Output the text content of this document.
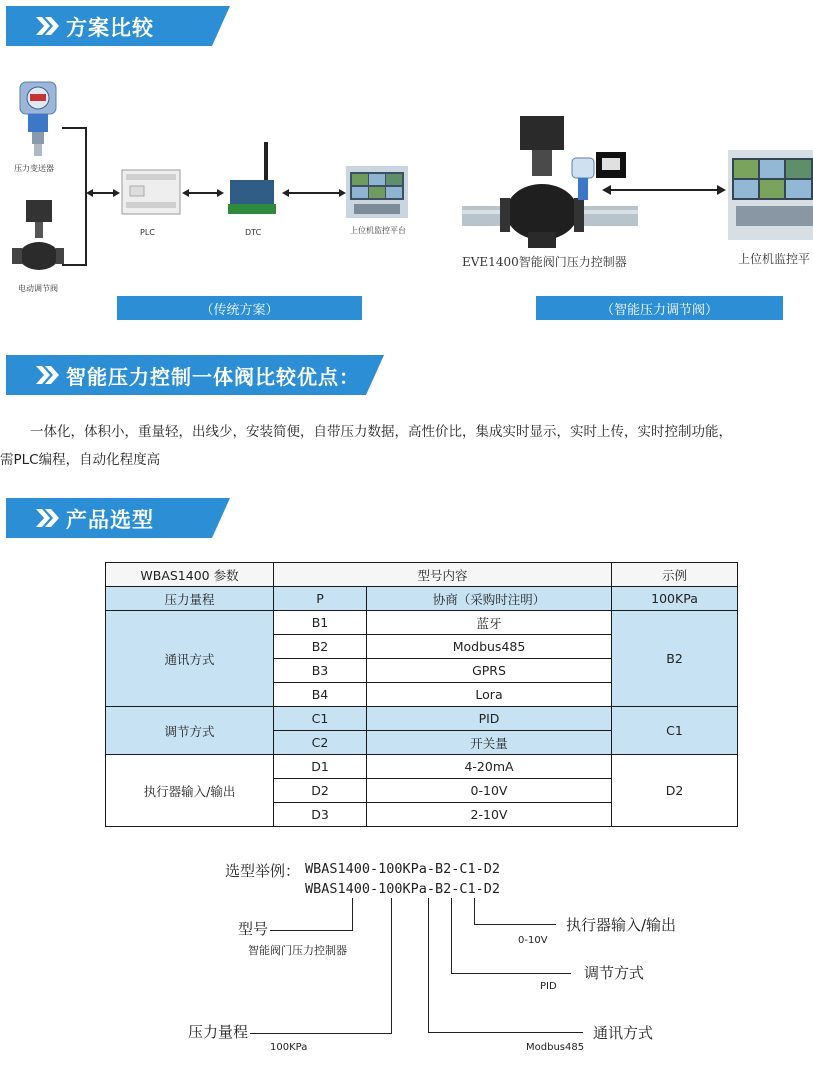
方案比较
压力变送器
电动调节阀
PLC	DTC	上位机监控平台
（传统方案）
EVE1400智能阀门压力控制器	上位机监控平
（智能压力调节阀）
智能压力控制一体阀比较优点：
一体化，体积小，重量轻，出线少，安装简便，自带压力数据，高性价比，集成实时显示，实时上传，实时控制功能，
需PLC编程，自动化程度高
产品选型
WBAS1400 参数	型号内容		示例
压力量程	P	协商（采购时注明）	100KPa
通讯方式	B1	蓝牙	B2
	B2	Modbus485	
	B3	GPRS	
	B4	Lora	
调节方式	C1	PID	C1
	C2	开关量	
执行器输入/输出	D1	4-20mA	D2
	D2	0-10V	
	D3	2-10V	
选型举例： WBAS1400-100KPa-B2-C1-D2
WBAS1400-100KPa-B2-C1-D2
型号
智能阀门压力控制器
压力量程
100KPa
通讯方式
Modbus485
调节方式
PID
执行器输入/输出
0-10V
